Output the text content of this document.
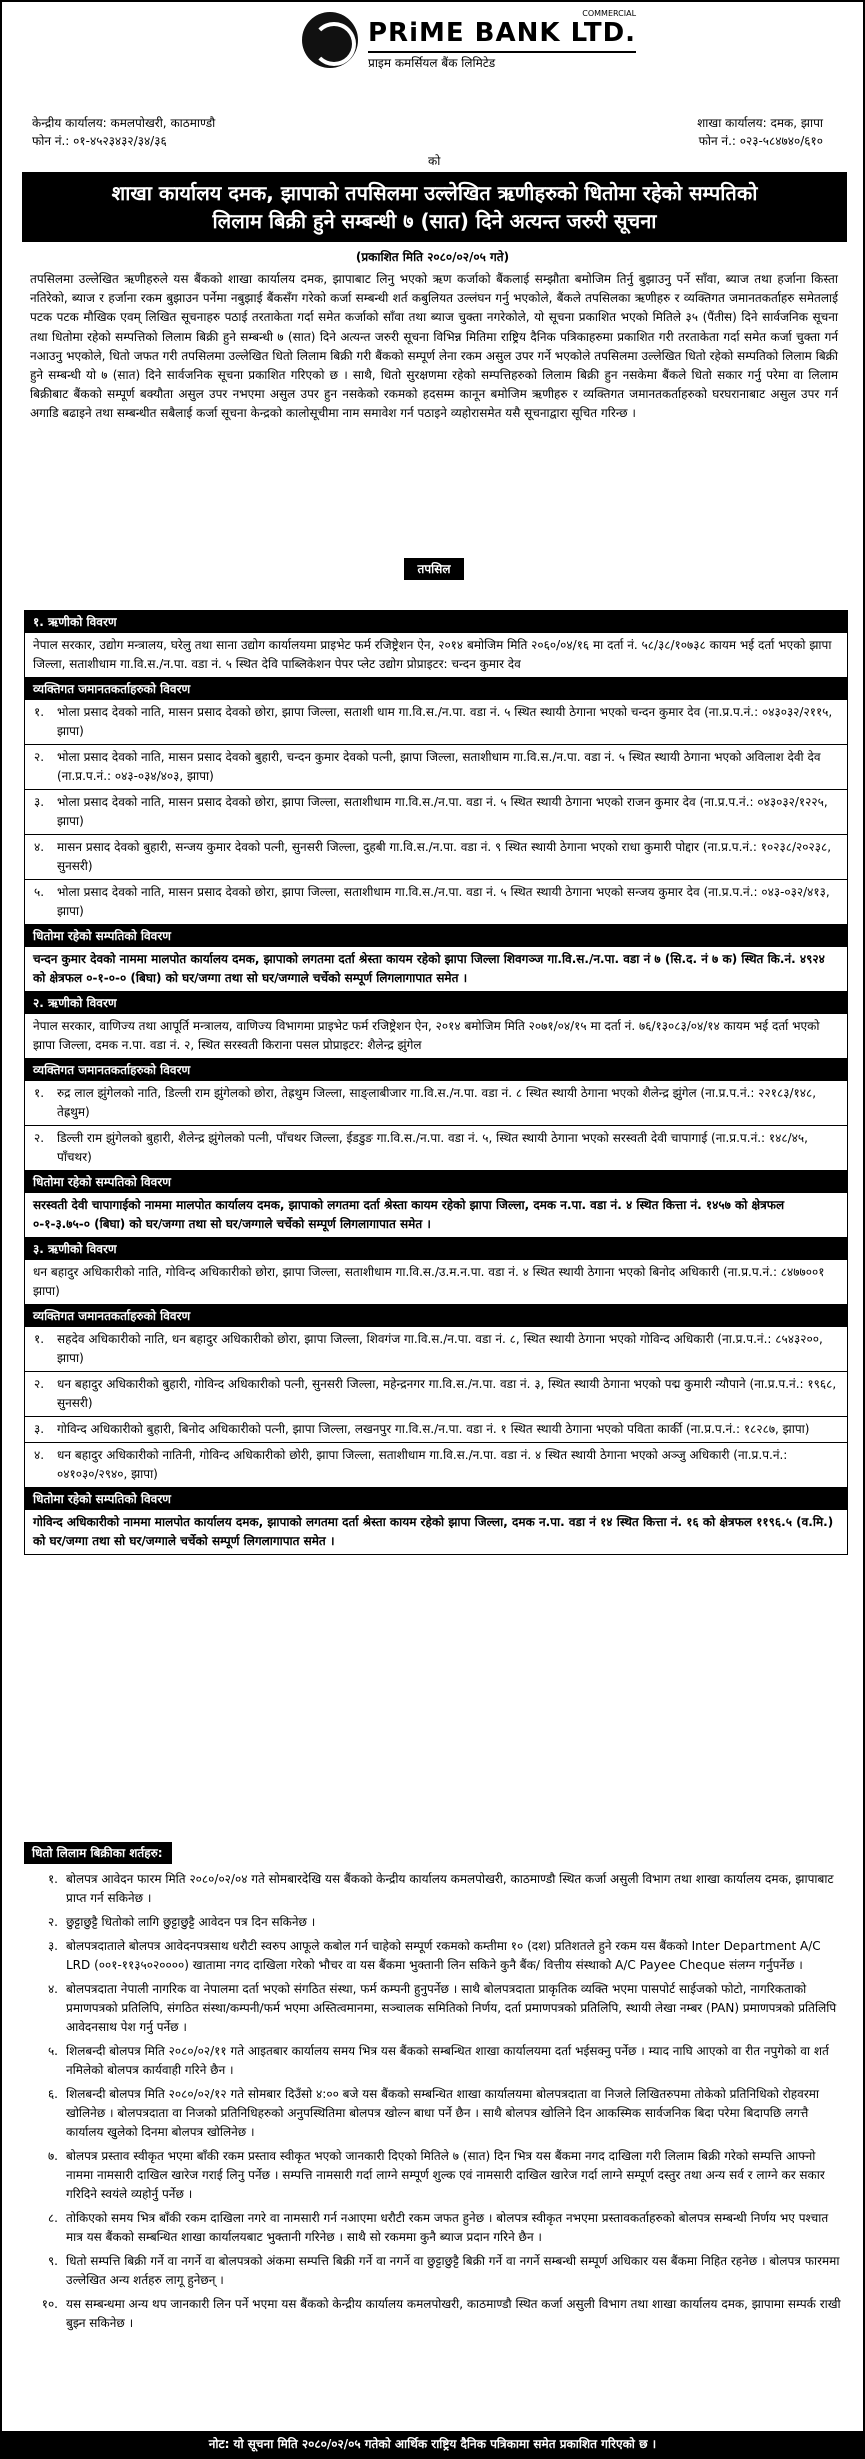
COMMERCIAL
PRiME BANK LTD.
प्राइम कमर्सियल बैंक लिमिटेड
केन्द्रीय कार्यालय: कमलपोखरी, काठमाण्डौ
फोन नं.: ०१-४५२३४३२/३४/३६
शाखा कार्यालय: दमक, झापा
फोन नं.: ०२३-५८४७४०/६१०
को
शाखा कार्यालय दमक, झापाको तपसिलमा उल्लेखित ऋणीहरुको धितोमा रहेको सम्पतिको
लिलाम बिक्री हुने सम्बन्धी ७ (सात) दिने अत्यन्त जरुरी सूचना
(प्रकाशित मिति २०८०/०२/०५ गते)
तपसिलमा उल्लेखित ऋणीहरुले यस बैंकको शाखा कार्यालय दमक, झापाबाट लिनु भएको ऋण कर्जाको बैंकलाई सम्झौता बमोजिम तिर्नु बुझाउनु पर्ने साँवा, ब्याज तथा हर्जाना किस्ता नतिरेको, ब्याज र हर्जाना रकम बुझाउन पर्नेमा नबुझाई बैंकसँग गरेको कर्जा सम्बन्धी शर्त कबुलियत उल्लंघन गर्नु भएकोले, बैंकले तपसिलका ऋणीहरु र व्यक्तिगत जमानतकर्ताहरु समेतलाई पटक पटक मौखिक एवम् लिखित सूचनाहरु पठाई तरताकेता गर्दा समेत कर्जाको साँवा तथा ब्याज चुक्ता नगरेकोले, यो सूचना प्रकाशित भएको मितिले ३५ (पैंतीस) दिने सार्वजनिक सूचना तथा धितोमा रहेको सम्पत्तिको लिलाम बिक्री हुने सम्बन्धी ७ (सात) दिने अत्यन्त जरुरी सूचना विभिन्न मितिमा राष्ट्रिय दैनिक पत्रिकाहरुमा प्रकाशित गरी तरताकेता गर्दा समेत कर्जा चुक्ता गर्न नआउनु भएकोले, धितो जफत गरी तपसिलमा उल्लेखित धितो लिलाम बिक्री गरी बैंकको सम्पूर्ण लेना रकम असुल उपर गर्ने भएकोले तपसिलमा उल्लेखित धितो रहेको सम्पतिको लिलाम बिक्री हुने सम्बन्धी यो ७ (सात) दिने सार्वजनिक सूचना प्रकाशित गरिएको छ । साथै, धितो सुरक्षणमा रहेको सम्पत्तिहरुको लिलाम बिक्री हुन नसकेमा बैंकले धितो सकार गर्नु परेमा वा लिलाम बिक्रीबाट बैंकको सम्पूर्ण बक्यौता असुल उपर नभएमा असुल उपर हुन नसकेको रकमको हदसम्म कानून बमोजिम ऋणीहरु र व्यक्तिगत जमानतकर्ताहरुको घरघरानाबाट असुल उपर गर्न अगाडि बढाइने तथा सम्बन्धीत सबैलाई कर्जा सूचना केन्द्रको कालोसूचीमा नाम समावेश गर्न पठाइने व्यहोरासमेत यसै सूचनाद्वारा सूचित गरिन्छ ।
तपसिल
१. ऋणीको विवरण
नेपाल सरकार, उद्योग मन्त्रालय, घरेलु तथा साना उद्योग कार्यालयमा प्राइभेट फर्म रजिष्ट्रेशन ऐन, २०१४ बमोजिम मिति २०६०/०४/१६ मा दर्ता नं. ५८/३८/१०७३८ कायम भई दर्ता भएको झापा जिल्ला, सताशीधाम गा.वि.स./न.पा. वडा नं. ५ स्थित देवि पाब्लिकेशन पेपर प्लेट उद्योग प्रोप्राइटर: चन्दन कुमार देव
व्यक्तिगत जमानतकर्ताहरुको विवरण
१.	भोला प्रसाद देवको नाति, मासन प्रसाद देवको छोरा, झापा जिल्ला, सताशी धाम गा.वि.स./न.पा. वडा नं. ५ स्थित स्थायी ठेगाना भएको चन्दन कुमार देव (ना.प्र.प.नं.: ०४३०३२/२११५, झापा)
२.	भोला प्रसाद देवको नाति, मासन प्रसाद देवको बुहारी, चन्दन कुमार देवको पत्नी, झापा जिल्ला, सताशीधाम गा.वि.स./न.पा. वडा नं. ५ स्थित स्थायी ठेगाना भएको अविलाश देवी देव (ना.प्र.प.नं.: ०४३-०३४/४०३, झापा)
३.	भोला प्रसाद देवको नाति, मासन प्रसाद देवको छोरा, झापा जिल्ला, सताशीधाम गा.वि.स./न.पा. वडा नं. ५ स्थित स्थायी ठेगाना भएको राजन कुमार देव (ना.प्र.प.नं.: ०४३०३२/१२२५, झापा)
४.	मासन प्रसाद देवको बुहारी, सन्जय कुमार देवको पत्नी, सुनसरी जिल्ला, दुहबी गा.वि.स./न.पा. वडा नं. ९ स्थित स्थायी ठेगाना भएको राधा कुमारी पोद्दार (ना.प्र.प.नं.: १०२३८/२०२३८, सुनसरी)
५.	भोला प्रसाद देवको नाति, मासन प्रसाद देवको छोरा, झापा जिल्ला, सताशीधाम गा.वि.स./न.पा. वडा नं. ५ स्थित स्थायी ठेगाना भएको सन्जय कुमार देव (ना.प्र.प.नं.: ०४३-०३२/४१३, झापा)
धितोमा रहेको सम्पतिको विवरण
चन्दन कुमार देवको नाममा मालपोत कार्यालय दमक, झापाको लगतमा दर्ता श्रेस्ता कायम रहेको झापा जिल्ला शिवगञ्ज गा.वि.स./न.पा. वडा नं ७ (सि.द. नं ७ क) स्थित कि.नं. ४९२४ को क्षेत्रफल ०-१-०-० (बिघा) को घर/जग्गा तथा सो घर/जग्गाले चर्चेको सम्पूर्ण लिगलागापात समेत ।
२. ऋणीको विवरण
नेपाल सरकार, वाणिज्य तथा आपूर्ति मन्त्रालय, वाणिज्य विभागमा प्राइभेट फर्म रजिष्ट्रेशन ऐन, २०१४ बमोजिम मिति २०७१/०४/१५ मा दर्ता नं. ७६/१३०८३/०४/१४ कायम भई दर्ता भएको झापा जिल्ला, दमक न.पा. वडा नं. २, स्थित सरस्वती किराना पसल प्रोप्राइटर: शैलेन्द्र झुंगेल
व्यक्तिगत जमानतकर्ताहरुको विवरण
१.	रुद्र लाल झुंगेलको नाति, डिल्ली राम झुंगेलको छोरा, तेह्रथुम जिल्ला, साङ्लाबीजार गा.वि.स./न.पा. वडा नं. ८ स्थित स्थायी ठेगाना भएको शैलेन्द्र झुंगेल (ना.प्र.प.नं.: २२१८३/१४८, तेह्रथुम)
२.	डिल्ली राम झुंगेलको बुहारी, शैलेन्द्र झुंगेलको पत्नी, पाँचथर जिल्ला, ईडडुङ गा.वि.स./न.पा. वडा नं. ५, स्थित स्थायी ठेगाना भएको सरस्वती देवी चापागाई (ना.प्र.प.नं.: १४८/४५, पाँचथर)
धितोमा रहेको सम्पतिको विवरण
सरस्वती देवी चापागाईको नाममा मालपोत कार्यालय दमक, झापाको लगतमा दर्ता श्रेस्ता कायम रहेको झापा जिल्ला, दमक न.पा. वडा नं. ४ स्थित कित्ता नं. १४५७ को क्षेत्रफल ०-१-३.७५-० (बिघा) को घर/जग्गा तथा सो घर/जग्गाले चर्चेको सम्पूर्ण लिगलागापात समेत ।
३. ऋणीको विवरण
धन बहादुर अधिकारीको नाति, गोविन्द अधिकारीको छोरा, झापा जिल्ला, सताशीधाम गा.वि.स./उ.म.न.पा. वडा नं. ४ स्थित स्थायी ठेगाना भएको बिनोद अधिकारी (ना.प्र.प.नं.: ८४७७००१ झापा)
व्यक्तिगत जमानतकर्ताहरुको विवरण
१.	सहदेव अधिकारीको नाति, धन बहादुर अधिकारीको छोरा, झापा जिल्ला, शिवगंज गा.वि.स./न.पा. वडा नं. ८, स्थित स्थायी ठेगाना भएको गोविन्द अधिकारी (ना.प्र.प.नं.: ८५४३२००, झापा)
२.	धन बहादुर अधिकारीको बुहारी, गोविन्द अधिकारीको पत्नी, सुनसरी जिल्ला, महेन्द्रनगर गा.वि.स./न.पा. वडा नं. ३, स्थित स्थायी ठेगाना भएको पद्म कुमारी न्यौपाने (ना.प्र.प.नं.: १९६८, सुनसरी)
३.	गोविन्द अधिकारीको बुहारी, बिनोद अधिकारीको पत्नी, झापा जिल्ला, लखनपुर गा.वि.स./न.पा. वडा नं. १ स्थित स्थायी ठेगाना भएको पविता कार्की (ना.प्र.प.नं.: १८२८७, झापा)
४.	धन बहादुर अधिकारीको नातिनी, गोविन्द अधिकारीको छोरी, झापा जिल्ला, सताशीधाम गा.वि.स./न.पा. वडा नं. ४ स्थित स्थायी ठेगाना भएको अञ्जु अधिकारी (ना.प्र.प.नं.: ०४१०३०/२९४०, झापा)
धितोमा रहेको सम्पतिको विवरण
गोविन्द अधिकारीको नाममा मालपोत कार्यालय दमक, झापाको लगतमा दर्ता श्रेस्ता कायम रहेको झापा जिल्ला, दमक न.पा. वडा नं १४ स्थित कित्ता नं. १६ को क्षेत्रफल ११९६.५ (व.मि.) को घर/जग्गा तथा सो घर/जग्गाले चर्चेको सम्पूर्ण लिगलागापात समेत ।
धितो लिलाम बिक्रीका शर्तहरु:
१. बोलपत्र आवेदन फारम मिति २०८०/०२/०४ गते सोमबारदेखि यस बैंकको केन्द्रीय कार्यालय कमलपोखरी, काठमाण्डौ स्थित कर्जा असुली विभाग तथा शाखा कार्यालय दमक, झापाबाट प्राप्त गर्न सकिनेछ ।
२. छुट्टाछुट्टै धितोको लागि छुट्टाछुट्टै आवेदन पत्र दिन सकिनेछ ।
३. बोलपत्रदाताले बोलपत्र आवेदनपत्रसाथ धरौटी स्वरुप आफूले कबोल गर्न चाहेको सम्पूर्ण रकमको कम्तीमा १० (दश) प्रतिशतले हुने रकम यस बैंकको Inter Department A/C LRD (००१-११३५०२००००) खातामा नगद दाखिला गरेको भौचर वा यस बैंकमा भुक्तानी लिन सकिने कुनै बैंक/ वित्तीय संस्थाको A/C Payee Cheque संलग्न गर्नुपर्नेछ ।
४. बोलपत्रदाता नेपाली नागरिक वा नेपालमा दर्ता भएको संगठित संस्था, फर्म कम्पनी हुनुपर्नेछ । साथै बोलपत्रदाता प्राकृतिक व्यक्ति भएमा पासपोर्ट साईजको फोटो, नागरिकताको प्रमाणपत्रको प्रतिलिपि, संगठित संस्था/कम्पनी/फर्म भएमा अस्तित्वमानमा, सञ्चालक समितिको निर्णय, दर्ता प्रमाणपत्रको प्रतिलिपि, स्थायी लेखा नम्बर (PAN) प्रमाणपत्रको प्रतिलिपि आवेदनसाथ पेश गर्नु पर्नेछ ।
५. शिलबन्दी बोलपत्र मिति २०८०/०२/११ गते आइतबार कार्यालय समय भित्र यस बैंकको सम्बन्धित शाखा कार्यालयमा दर्ता भईसक्नु पर्नेछ । म्याद नाघि आएको वा रीत नपुगेको वा शर्त नमिलेको बोलपत्र कार्यवाही गरिने छैन ।
६. शिलबन्दी बोलपत्र मिति २०८०/०२/१२ गते सोमबार दिउँसो ४:०० बजे यस बैंकको सम्बन्धित शाखा कार्यालयमा बोलपत्रदाता वा निजले लिखितरुपमा तोकेको प्रतिनिधिको रोहवरमा खोलिनेछ । बोलपत्रदाता वा निजको प्रतिनिधिहरुको अनुपस्थितिमा बोलपत्र खोल्न बाधा पर्ने छैन । साथै बोलपत्र खोलिने दिन आकस्मिक सार्वजनिक बिदा परेमा बिदापछि लगत्तै कार्यालय खुलेको दिनमा बोलपत्र खोलिनेछ ।
७. बोलपत्र प्रस्ताव स्वीकृत भएमा बाँकी रकम प्रस्ताव स्वीकृत भएको जानकारी दिएको मितिले ७ (सात) दिन भित्र यस बैंकमा नगद दाखिला गरी लिलाम बिक्री गरेको सम्पत्ति आफ्नो नाममा नामसारी दाखिल खारेज गराई लिनु पर्नेछ । सम्पत्ति नामसारी गर्दा लाग्ने सम्पूर्ण शुल्क एवं नामसारी दाखिल खारेज गर्दा लाग्ने सम्पूर्ण दस्तुर तथा अन्य सर्व र लाग्ने कर सकार गरिदिने स्वयंले व्यहोर्नु पर्नेछ ।
८. तोकिएको समय भित्र बाँकी रकम दाखिला नगरे वा नामसारी गर्न नआएमा धरौटी रकम जफत हुनेछ । बोलपत्र स्वीकृत नभएमा प्रस्तावकर्ताहरुको बोलपत्र सम्बन्धी निर्णय भए पश्चात मात्र यस बैंकको सम्बन्धित शाखा कार्यालयबाट भुक्तानी गरिनेछ । साथै सो रकममा कुनै ब्याज प्रदान गरिने छैन ।
९. धितो सम्पत्ति बिक्री गर्ने वा नगर्ने वा बोलपत्रको अंकमा सम्पत्ति बिक्री गर्ने वा नगर्ने वा छुट्टाछुट्टै बिक्री गर्ने वा नगर्ने सम्बन्धी सम्पूर्ण अधिकार यस बैंकमा निहित रहनेछ । बोलपत्र फारममा उल्लेखित अन्य शर्तहरु लागू हुनेछन् ।
१०. यस सम्बन्धमा अन्य थप जानकारी लिन पर्ने भएमा यस बैंकको केन्द्रीय कार्यालय कमलपोखरी, काठमाण्डौ स्थित कर्जा असुली विभाग तथा शाखा कार्यालय दमक, झापामा सम्पर्क राखी बुझ्न सकिनेछ ।
नोट: यो सूचना मिति २०८०/०२/०५ गतेको आर्थिक राष्ट्रिय दैनिक पत्रिकामा समेत प्रकाशित गरिएको छ ।
